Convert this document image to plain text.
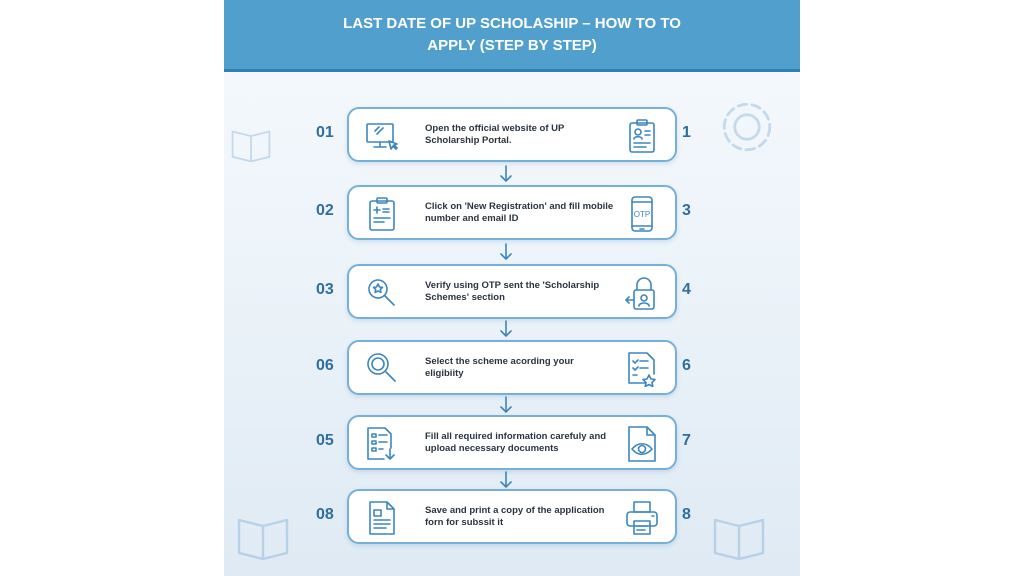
LAST DATE OF UP SCHOLASHIP – HOW TO TO APPLY (STEP BY STEP)
01	Open the official website of UP Scholarship Portal.	1
02	Click on 'New Registration' and fill mobile number and email ID	OTP 3
03	Verify using OTP sent the 'Scholarship Schemes' section	4
06	Select the scheme acording your eligibiity	6
05	Fill all required information carefuly and upload necessary documents	7
08	Save and print a copy of the application forn for subssit it	8
